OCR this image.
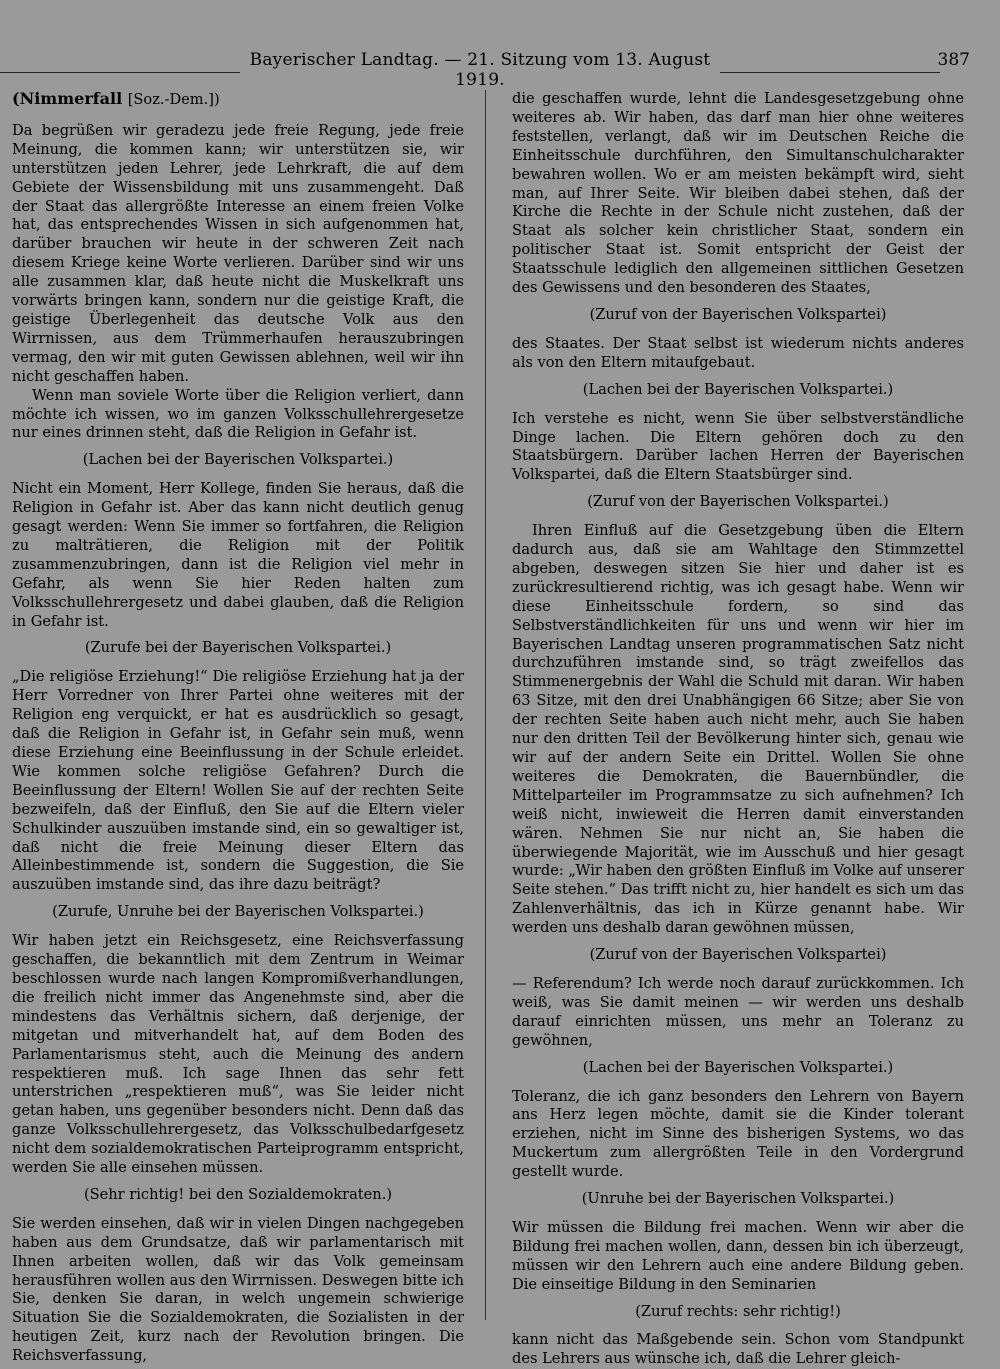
Bayerischer Landtag. — 21. Sitzung vom 13. August 1919.
387

(Nimmerfall [Soz.-Dem.])

Da begrüßen wir geradezu jede freie Regung, jede freie Meinung, die kommen kann; wir unterstützen sie, wir unterstützen jeden Lehrer, jede Lehrkraft, die auf dem Gebiete der Wissensbildung mit uns zusammengeht. Daß der Staat das allergrößte Interesse an einem freien Volke hat, das entsprechendes Wissen in sich aufgenommen hat, darüber brauchen wir heute in der schweren Zeit nach diesem Kriege keine Worte verlieren. Darüber sind wir uns alle zusammen klar, daß heute nicht die Muskelkraft uns vorwärts bringen kann, sondern nur die geistige Kraft, die geistige Überlegenheit das deutsche Volk aus den Wirrnissen, aus dem Trümmerhaufen herauszubringen vermag, den wir mit guten Gewissen ablehnen, weil wir ihn nicht geschaffen haben.

Wenn man soviele Worte über die Religion verliert, dann möchte ich wissen, wo im ganzen Volksschullehrergesetze nur eines drinnen steht, daß die Religion in Gefahr ist.

(Lachen bei der Bayerischen Volkspartei.)

Nicht ein Moment, Herr Kollege, finden Sie heraus, daß die Religion in Gefahr ist. Aber das kann nicht deutlich genug gesagt werden: Wenn Sie immer so fortfahren, die Religion zu malträtieren, die Religion mit der Politik zusammenzubringen, dann ist die Religion viel mehr in Gefahr, als wenn Sie hier Reden halten zum Volksschullehrergesetz und dabei glauben, daß die Religion in Gefahr ist.

(Zurufe bei der Bayerischen Volkspartei.)

„Die religiöse Erziehung!“ Die religiöse Erziehung hat ja der Herr Vorredner von Ihrer Partei ohne weiteres mit der Religion eng verquickt, er hat es ausdrücklich so gesagt, daß die Religion in Gefahr ist, in Gefahr sein muß, wenn diese Erziehung eine Beeinflussung in der Schule erleidet. Wie kommen solche religiöse Gefahren? Durch die Beeinflussung der Eltern! Wollen Sie auf der rechten Seite bezweifeln, daß der Einfluß, den Sie auf die Eltern vieler Schulkinder auszuüben imstande sind, ein so gewaltiger ist, daß nicht die freie Meinung dieser Eltern das Alleinbestimmende ist, sondern die Suggestion, die Sie auszuüben imstande sind, das ihre dazu beiträgt?

(Zurufe, Unruhe bei der Bayerischen Volkspartei.)

Wir haben jetzt ein Reichsgesetz, eine Reichsverfassung geschaffen, die bekanntlich mit dem Zentrum in Weimar beschlossen wurde nach langen Kompromißverhandlungen, die freilich nicht immer das Angenehmste sind, aber die mindestens das Verhältnis sichern, daß derjenige, der mitgetan und mitverhandelt hat, auf dem Boden des Parlamentarismus steht, auch die Meinung des andern respektieren muß. Ich sage Ihnen das sehr fett unterstrichen „respektieren muß“, was Sie leider nicht getan haben, uns gegenüber besonders nicht. Denn daß das ganze Volksschullehrergesetz, das Volksschulbedarfgesetz nicht dem sozialdemokratischen Parteiprogramm entspricht, werden Sie alle einsehen müssen.

(Sehr richtig! bei den Sozialdemokraten.)

Sie werden einsehen, daß wir in vielen Dingen nachgegeben haben aus dem Grundsatze, daß wir parlamentarisch mit Ihnen arbeiten wollen, daß wir das Volk gemeinsam herausführen wollen aus den Wirrnissen. Deswegen bitte ich Sie, denken Sie daran, in welch ungemein schwierige Situation Sie die Sozialdemokraten, die Sozialisten in der heutigen Zeit, kurz nach der Revolution bringen. Die Reichsverfassung,

die geschaffen wurde, lehnt die Landesgesetzgebung ohne weiteres ab. Wir haben, das darf man hier ohne weiteres feststellen, verlangt, daß wir im Deutschen Reiche die Einheitsschule durchführen, den Simultanschulcharakter bewahren wollen. Wo er am meisten bekämpft wird, sieht man, auf Ihrer Seite. Wir bleiben dabei stehen, daß der Kirche die Rechte in der Schule nicht zustehen, daß der Staat als solcher kein christlicher Staat, sondern ein politischer Staat ist. Somit entspricht der Geist der Staatsschule lediglich den allgemeinen sittlichen Gesetzen des Gewissens und den besonderen des Staates,

(Zuruf von der Bayerischen Volkspartei)

des Staates. Der Staat selbst ist wiederum nichts anderes als von den Eltern mitaufgebaut.

(Lachen bei der Bayerischen Volkspartei.)

Ich verstehe es nicht, wenn Sie über selbstverständliche Dinge lachen. Die Eltern gehören doch zu den Staatsbürgern. Darüber lachen Herren der Bayerischen Volkspartei, daß die Eltern Staatsbürger sind.

(Zuruf von der Bayerischen Volkspartei.)

Ihren Einfluß auf die Gesetzgebung üben die Eltern dadurch aus, daß sie am Wahltage den Stimmzettel abgeben, deswegen sitzen Sie hier und daher ist es zurückresultierend richtig, was ich gesagt habe. Wenn wir diese Einheitsschule fordern, so sind das Selbstverständlichkeiten für uns und wenn wir hier im Bayerischen Landtag unseren programmatischen Satz nicht durchzuführen imstande sind, so trägt zweifellos das Stimmenergebnis der Wahl die Schuld mit daran. Wir haben 63 Sitze, mit den drei Unabhängigen 66 Sitze; aber Sie von der rechten Seite haben auch nicht mehr, auch Sie haben nur den dritten Teil der Bevölkerung hinter sich, genau wie wir auf der andern Seite ein Drittel. Wollen Sie ohne weiteres die Demokraten, die Bauernbündler, die Mittelparteiler im Programmsatze zu sich aufnehmen? Ich weiß nicht, inwieweit die Herren damit einverstanden wären. Nehmen Sie nur nicht an, Sie haben die überwiegende Majorität, wie im Ausschuß und hier gesagt wurde: „Wir haben den größten Einfluß im Volke auf unserer Seite stehen.“ Das trifft nicht zu, hier handelt es sich um das Zahlenverhältnis, das ich in Kürze genannt habe. Wir werden uns deshalb daran gewöhnen müssen,

(Zuruf von der Bayerischen Volkspartei)

— Referendum? Ich werde noch darauf zurückkommen. Ich weiß, was Sie damit meinen — wir werden uns deshalb darauf einrichten müssen, uns mehr an Toleranz zu gewöhnen,

(Lachen bei der Bayerischen Volkspartei.)

Toleranz, die ich ganz besonders den Lehrern von Bayern ans Herz legen möchte, damit sie die Kinder tolerant erziehen, nicht im Sinne des bisherigen Systems, wo das Muckertum zum allergrößten Teile in den Vordergrund gestellt wurde.

(Unruhe bei der Bayerischen Volkspartei.)

Wir müssen die Bildung frei machen. Wenn wir aber die Bildung frei machen wollen, dann, dessen bin ich überzeugt, müssen wir den Lehrern auch eine andere Bildung geben. Die einseitige Bildung in den Seminarien

(Zuruf rechts: sehr richtig!)

kann nicht das Maßgebende sein. Schon vom Standpunkt des Lehrers aus wünsche ich, daß die Lehrer gleich-
